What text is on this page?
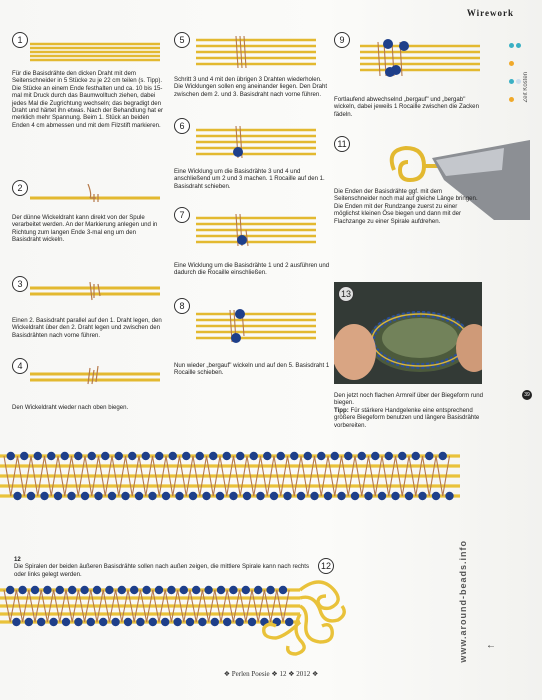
Wirework

Zeit Kosten
1
Für die Basisdrähte den dicken Draht mit dem Seitenschneider in 5 Stücke zu je 22 cm teilen (s. Tipp). Die Stücke an einem Ende festhalten und ca. 10 bis 15-mal mit Druck durch das Baumwolltuch ziehen, dabei jedes Mal die Zugrichtung wechseln; das begradigt den Draht und härtet ihn etwas. Nach der Behandlung hat er merklich mehr Spannung. Beim 1. Stück an beiden Enden 4 cm abmessen und mit dem Filzstift markieren.
2
Der dünne Wickeldraht kann direkt von der Spule verarbeitet werden. An der Markierung anlegen und in Richtung zum langen Ende 3-mal eng um den Basisdraht wickeln.
3
Einen 2. Basisdraht parallel auf den 1. Draht legen, den Wickeldraht über den 2. Draht legen und zwischen den Basisdrähten nach vorne führen.
4
Den Wickeldraht wieder nach oben biegen.
5
Schritt 3 und 4 mit den übrigen 3 Drahten wiederholen. Die Wicklungen sollen eng aneinander liegen. Den Draht zwischen dem 2. und 3. Basisdraht nach vorne führen.
6
Eine Wicklung um die Basisdrähte 3 und 4 und anschließend um 2 und 3 machen. 1 Rocaille auf den 1. Basisdraht schieben.
7
Eine Wicklung um die Basisdrähte 1 und 2 ausführen und dadurch die Rocaille einschließen.
8
Nun wieder „bergauf" wickeln und auf den 5. Basisdraht 1 Rocaille schieben.
9
Fortlaufend abwechselnd „bergauf" und „bergab" wickeln, dabei jeweils 1 Rocaille zwischen die Zacken fädeln.
11
Die Enden der Basisdrähte ggf. mit dem Seitenschneider noch mal auf gleiche Länge bringen. Die Enden mit der Rundzange zuerst zu einer möglichst kleinen Öse biegen und dann mit der Flachzange zu einer Spirale aufdrehen.
13
Den jetzt noch flachen Armreif über der Biegeform rund biegen.
Tipp: Für stärkere Handgelenke eine entsprechend größere Biegeform benutzen und längere Basisdrähte vorbereiten.
12
Die Spiralen der beiden äußeren Basisdrähte sollen nach außen zeigen, die mittlere Spirale kann nach rechts oder links gelegt werden.
12	www.around-beads.info
39
←
❖ Perlen Poesie ❖ 12 ❖ 2012 ❖
